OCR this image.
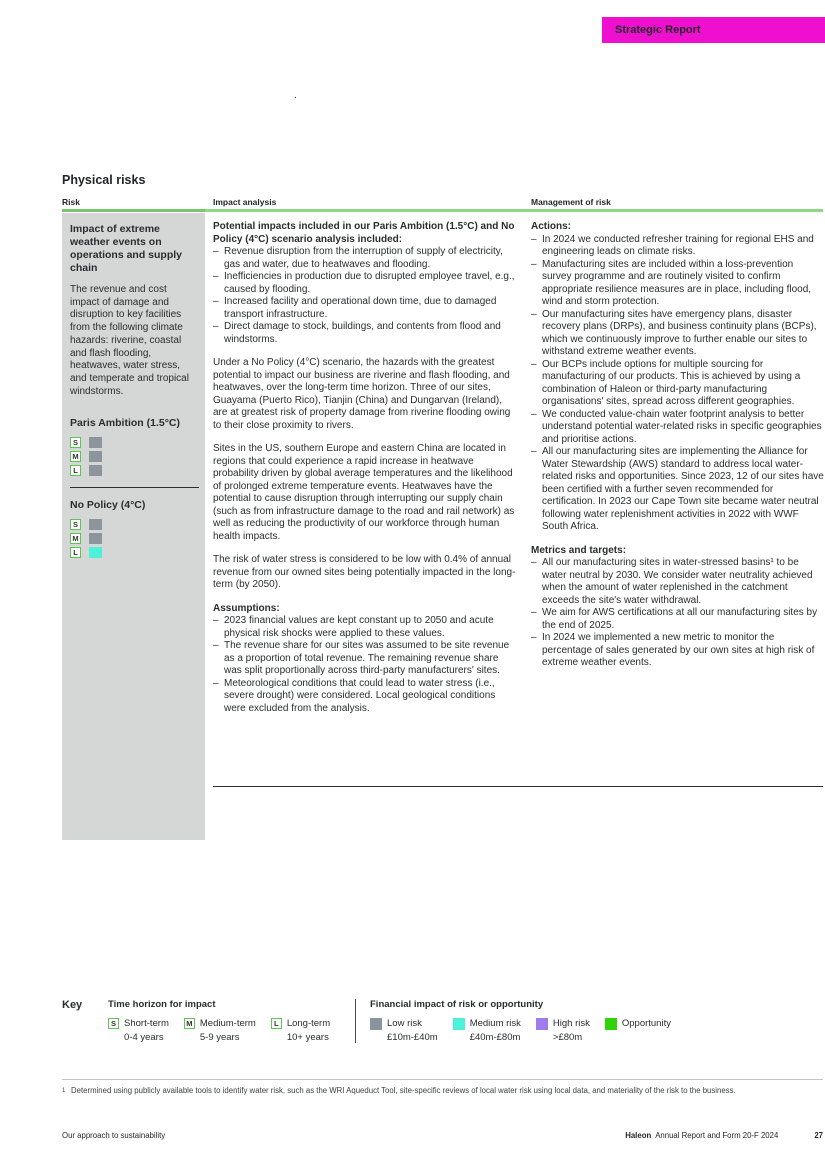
Strategic Report
.
Physical risks
Risk	Impact analysis	Management of risk
Impact of extreme weather events on operations and supply chain
The revenue and cost impact of damage and disruption to key facilities from the following climate hazards: riverine, coastal and flash flooding, heatwaves, water stress, and temperate and tropical windstorms.
Paris Ambition (1.5°C)
S
M
L
No Policy (4°C)
S
M
L
Potential impacts included in our Paris Ambition (1.5°C) and No Policy (4°C) scenario analysis included:
– Revenue disruption from the interruption of supply of electricity, gas and water, due to heatwaves and flooding.
– Inefficiencies in production due to disrupted employee travel, e.g., caused by flooding.
– Increased facility and operational down time, due to damaged transport infrastructure.
– Direct damage to stock, buildings, and contents from flood and windstorms.
Under a No Policy (4°C) scenario, the hazards with the greatest potential to impact our business are riverine and flash flooding, and heatwaves, over the long-term time horizon. Three of our sites, Guayama (Puerto Rico), Tianjin (China) and Dungarvan (Ireland), are at greatest risk of property damage from riverine flooding owing to their close proximity to rivers.
Sites in the US, southern Europe and eastern China are located in regions that could experience a rapid increase in heatwave probability driven by global average temperatures and the likelihood of prolonged extreme temperature events. Heatwaves have the potential to cause disruption through interrupting our supply chain (such as from infrastructure damage to the road and rail network) as well as reducing the productivity of our workforce through human health impacts.
The risk of water stress is considered to be low with 0.4% of annual revenue from our owned sites being potentially impacted in the long-term (by 2050).
Assumptions:
– 2023 financial values are kept constant up to 2050 and acute physical risk shocks were applied to these values.
– The revenue share for our sites was assumed to be site revenue as a proportion of total revenue. The remaining revenue share was split proportionally across third-party manufacturers' sites.
– Meteorological conditions that could lead to water stress (i.e., severe drought) were considered. Local geological conditions were excluded from the analysis.
Actions:
– In 2024 we conducted refresher training for regional EHS and engineering leads on climate risks.
– Manufacturing sites are included within a loss-prevention survey programme and are routinely visited to confirm appropriate resilience measures are in place, including flood, wind and storm protection.
– Our manufacturing sites have emergency plans, disaster recovery plans (DRPs), and business continuity plans (BCPs), which we continuously improve to further enable our sites to withstand extreme weather events.
– Our BCPs include options for multiple sourcing for manufacturing of our products. This is achieved by using a combination of Haleon or third-party manufacturing organisations' sites, spread across different geographies.
– We conducted value-chain water footprint analysis to better understand potential water-related risks in specific geographies and prioritise actions.
– All our manufacturing sites are implementing the Alliance for Water Stewardship (AWS) standard to address local water-related risks and opportunities. Since 2023, 12 of our sites have been certified with a further seven recommended for certification. In 2023 our Cape Town site became water neutral following water replenishment activities in 2022 with WWF South Africa.
Metrics and targets:
– All our manufacturing sites in water-stressed basins¹ to be water neutral by 2030. We consider water neutrality achieved when the amount of water replenished in the catchment exceeds the site's water withdrawal.
– We aim for AWS certifications at all our manufacturing sites by the end of 2025.
– In 2024 we implemented a new metric to monitor the percentage of sales generated by our own sites at high risk of extreme weather events.
Key	Time horizon for impact
S Short-term
0-4 years
M Medium-term
5-9 years
L Long-term
10+ years
Financial impact of risk or opportunity
Low risk
£10m-£40m
Medium risk
£40m-£80m
High risk
>£80m
Opportunity
1 Determined using publicly available tools to identify water risk, such as the WRI Aqueduct Tool, site-specific reviews of local water risk using local data, and materiality of the risk to the business.
Our approach to sustainability	Haleon Annual Report and Form 20-F 2024	27
